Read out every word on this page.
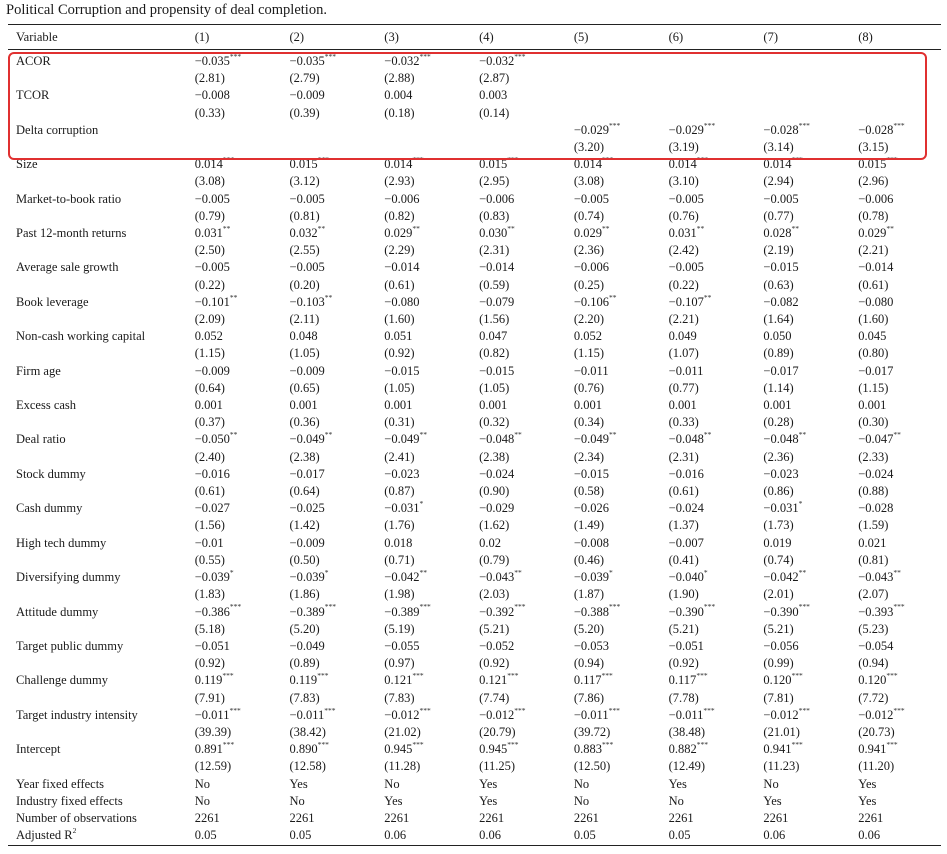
Political Corruption and propensity of deal completion.
Variable	(1)	(2)	(3)	(4)	(5)	(6)	(7)	(8)

ACOR	−0.035***	−0.035***	−0.032***	−0.032***				
	(2.81)	(2.79)	(2.88)	(2.87)				
TCOR	−0.008	−0.009	0.004	0.003				
	(0.33)	(0.39)	(0.18)	(0.14)				
Delta corruption					−0.029***	−0.029***	−0.028***	−0.028***
					(3.20)	(3.19)	(3.14)	(3.15)
Size	0.014***	0.015***	0.014***	0.015***	0.014***	0.014***	0.014***	0.015***
	(3.08)	(3.12)	(2.93)	(2.95)	(3.08)	(3.10)	(2.94)	(2.96)
Market-to-book ratio	−0.005	−0.005	−0.006	−0.006	−0.005	−0.005	−0.005	−0.006
	(0.79)	(0.81)	(0.82)	(0.83)	(0.74)	(0.76)	(0.77)	(0.78)
Past 12-month returns	0.031**	0.032**	0.029**	0.030**	0.029**	0.031**	0.028**	0.029**
	(2.50)	(2.55)	(2.29)	(2.31)	(2.36)	(2.42)	(2.19)	(2.21)
Average sale growth	−0.005	−0.005	−0.014	−0.014	−0.006	−0.005	−0.015	−0.014
	(0.22)	(0.20)	(0.61)	(0.59)	(0.25)	(0.22)	(0.63)	(0.61)
Book leverage	−0.101**	−0.103**	−0.080	−0.079	−0.106**	−0.107**	−0.082	−0.080
	(2.09)	(2.11)	(1.60)	(1.56)	(2.20)	(2.21)	(1.64)	(1.60)
Non-cash working capital	0.052	0.048	0.051	0.047	0.052	0.049	0.050	0.045
	(1.15)	(1.05)	(0.92)	(0.82)	(1.15)	(1.07)	(0.89)	(0.80)
Firm age	−0.009	−0.009	−0.015	−0.015	−0.011	−0.011	−0.017	−0.017
	(0.64)	(0.65)	(1.05)	(1.05)	(0.76)	(0.77)	(1.14)	(1.15)
Excess cash	0.001	0.001	0.001	0.001	0.001	0.001	0.001	0.001
	(0.37)	(0.36)	(0.31)	(0.32)	(0.34)	(0.33)	(0.28)	(0.30)
Deal ratio	−0.050**	−0.049**	−0.049**	−0.048**	−0.049**	−0.048**	−0.048**	−0.047**
	(2.40)	(2.38)	(2.41)	(2.38)	(2.34)	(2.31)	(2.36)	(2.33)
Stock dummy	−0.016	−0.017	−0.023	−0.024	−0.015	−0.016	−0.023	−0.024
	(0.61)	(0.64)	(0.87)	(0.90)	(0.58)	(0.61)	(0.86)	(0.88)
Cash dummy	−0.027	−0.025	−0.031*	−0.029	−0.026	−0.024	−0.031*	−0.028
	(1.56)	(1.42)	(1.76)	(1.62)	(1.49)	(1.37)	(1.73)	(1.59)
High tech dummy	−0.01	−0.009	0.018	0.02	−0.008	−0.007	0.019	0.021
	(0.55)	(0.50)	(0.71)	(0.79)	(0.46)	(0.41)	(0.74)	(0.81)
Diversifying dummy	−0.039*	−0.039*	−0.042**	−0.043**	−0.039*	−0.040*	−0.042**	−0.043**
	(1.83)	(1.86)	(1.98)	(2.03)	(1.87)	(1.90)	(2.01)	(2.07)
Attitude dummy	−0.386***	−0.389***	−0.389***	−0.392***	−0.388***	−0.390***	−0.390***	−0.393***
	(5.18)	(5.20)	(5.19)	(5.21)	(5.20)	(5.21)	(5.21)	(5.23)
Target public dummy	−0.051	−0.049	−0.055	−0.052	−0.053	−0.051	−0.056	−0.054
	(0.92)	(0.89)	(0.97)	(0.92)	(0.94)	(0.92)	(0.99)	(0.94)
Challenge dummy	0.119***	0.119***	0.121***	0.121***	0.117***	0.117***	0.120***	0.120***
	(7.91)	(7.83)	(7.83)	(7.74)	(7.86)	(7.78)	(7.81)	(7.72)
Target industry intensity	−0.011***	−0.011***	−0.012***	−0.012***	−0.011***	−0.011***	−0.012***	−0.012***
	(39.39)	(38.42)	(21.02)	(20.79)	(39.72)	(38.48)	(21.01)	(20.73)
Intercept	0.891***	0.890***	0.945***	0.945***	0.883***	0.882***	0.941***	0.941***
	(12.59)	(12.58)	(11.28)	(11.25)	(12.50)	(12.49)	(11.23)	(11.20)
Year fixed effects	No	Yes	No	Yes	No	Yes	No	Yes
Industry fixed effects	No	No	Yes	Yes	No	No	Yes	Yes
Number of observations	2261	2261	2261	2261	2261	2261	2261	2261
Adjusted $R^2$	0.05	0.05	0.06	0.06	0.05	0.05	0.06	0.06
